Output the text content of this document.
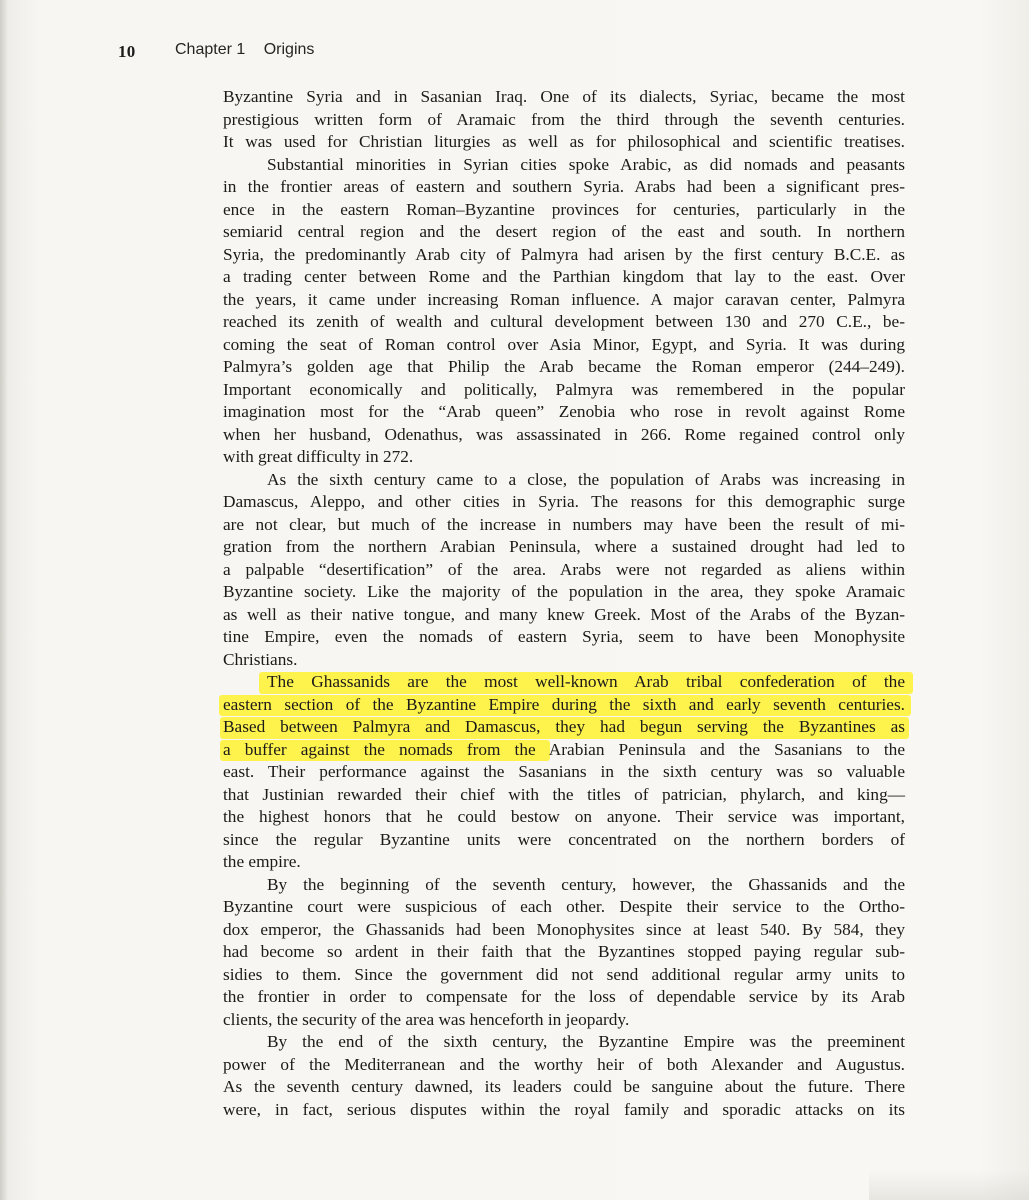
10 Chapter 1 Origins
Byzantine Syria and in Sasanian Iraq. One of its dialects, Syriac, became the most
prestigious written form of Aramaic from the third through the seventh centuries.
It was used for Christian liturgies as well as for philosophical and scientific treatises.
Substantial minorities in Syrian cities spoke Arabic, as did nomads and peasants
in the frontier areas of eastern and southern Syria. Arabs had been a significant pres-
ence in the eastern Roman–Byzantine provinces for centuries, particularly in the
semiarid central region and the desert region of the east and south. In northern
Syria, the predominantly Arab city of Palmyra had arisen by the first century B.C.E. as
a trading center between Rome and the Parthian kingdom that lay to the east. Over
the years, it came under increasing Roman influence. A major caravan center, Palmyra
reached its zenith of wealth and cultural development between 130 and 270 C.E., be-
coming the seat of Roman control over Asia Minor, Egypt, and Syria. It was during
Palmyra’s golden age that Philip the Arab became the Roman emperor (244–249).
Important economically and politically, Palmyra was remembered in the popular
imagination most for the “Arab queen” Zenobia who rose in revolt against Rome
when her husband, Odenathus, was assassinated in 266. Rome regained control only
with great difficulty in 272.
As the sixth century came to a close, the population of Arabs was increasing in
Damascus, Aleppo, and other cities in Syria. The reasons for this demographic surge
are not clear, but much of the increase in numbers may have been the result of mi-
gration from the northern Arabian Peninsula, where a sustained drought had led to
a palpable “desertification” of the area. Arabs were not regarded as aliens within
Byzantine society. Like the majority of the population in the area, they spoke Aramaic
as well as their native tongue, and many knew Greek. Most of the Arabs of the Byzan-
tine Empire, even the nomads of eastern Syria, seem to have been Monophysite
Christians.
The Ghassanids are the most well-known Arab tribal confederation of the
eastern section of the Byzantine Empire during the sixth and early seventh centuries.
Based between Palmyra and Damascus, they had begun serving the Byzantines as
a buffer against the nomads from the Arabian Peninsula and the Sasanians to the
east. Their performance against the Sasanians in the sixth century was so valuable
that Justinian rewarded their chief with the titles of patrician, phylarch, and king—
the highest honors that he could bestow on anyone. Their service was important,
since the regular Byzantine units were concentrated on the northern borders of
the empire.
By the beginning of the seventh century, however, the Ghassanids and the
Byzantine court were suspicious of each other. Despite their service to the Ortho-
dox emperor, the Ghassanids had been Monophysites since at least 540. By 584, they
had become so ardent in their faith that the Byzantines stopped paying regular sub-
sidies to them. Since the government did not send additional regular army units to
the frontier in order to compensate for the loss of dependable service by its Arab
clients, the security of the area was henceforth in jeopardy.
By the end of the sixth century, the Byzantine Empire was the preeminent
power of the Mediterranean and the worthy heir of both Alexander and Augustus.
As the seventh century dawned, its leaders could be sanguine about the future. There
were, in fact, serious disputes within the royal family and sporadic attacks on its
